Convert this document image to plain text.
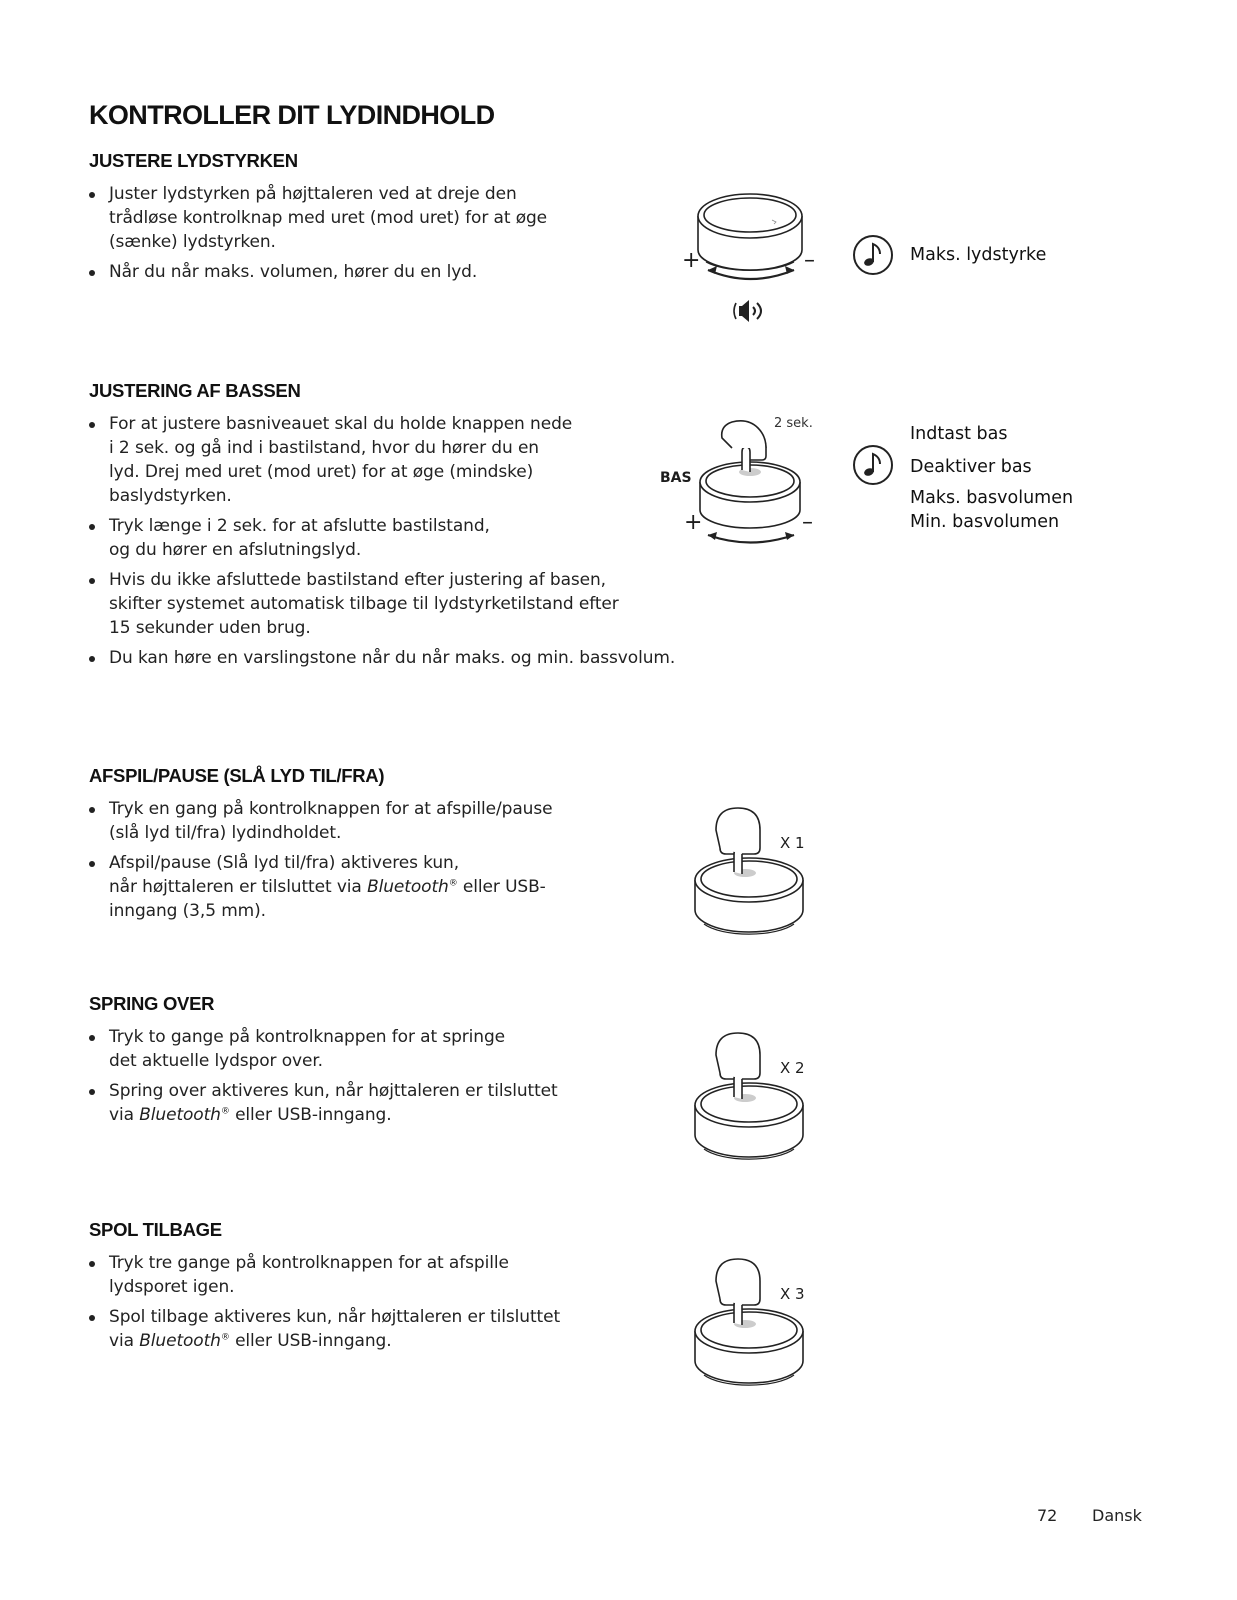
KONTROLLER DIT LYDINDHOLD
JUSTERE LYDSTYRKEN
Juster lydstyrken på højttaleren ved at dreje den
trådløse kontrolknap med uret (mod uret) for at øge
(sænke) lydstyrken.
Når du når maks. volumen, hører du en lyd.	+	–	Maks. lydstyrke
JUSTERING AF BASSEN
For at justere basniveauet skal du holde knappen nede
i 2 sek. og gå ind i bastilstand, hvor du hører du en
lyd. Drej med uret (mod uret) for at øge (mindske)
baslydstyrken.
Tryk længe i 2 sek. for at afslutte bastilstand,
og du hører en afslutningslyd.
Hvis du ikke afsluttede bastilstand efter justering af basen,
skifter systemet automatisk tilbage til lydstyrketilstand efter
15 sekunder uden brug.
Du kan høre en varslingstone når du når maks. og min. bassvolum.
BAS
2 sek.
+	–
Indtast bas
Deaktiver bas
Maks. basvolumen
Min. basvolumen
AFSPIL/PAUSE (SLÅ LYD TIL/FRA)
Tryk en gang på kontrolknappen for at afspille/pause
(slå lyd til/fra) lydindholdet.
Afspil/pause (Slå lyd til/fra) aktiveres kun,
når højttaleren er tilsluttet via Bluetooth® eller USB-
inngang (3,5 mm).
X 1
SPRING OVER
Tryk to gange på kontrolknappen for at springe
det aktuelle lydspor over.
Spring over aktiveres kun, når højttaleren er tilsluttet
via Bluetooth® eller USB-inngang.
X 2
SPOL TILBAGE
Tryk tre gange på kontrolknappen for at afspille
lydsporet igen.
Spol tilbage aktiveres kun, når højttaleren er tilsluttet
via Bluetooth® eller USB-inngang.
X 3
72 Dansk
